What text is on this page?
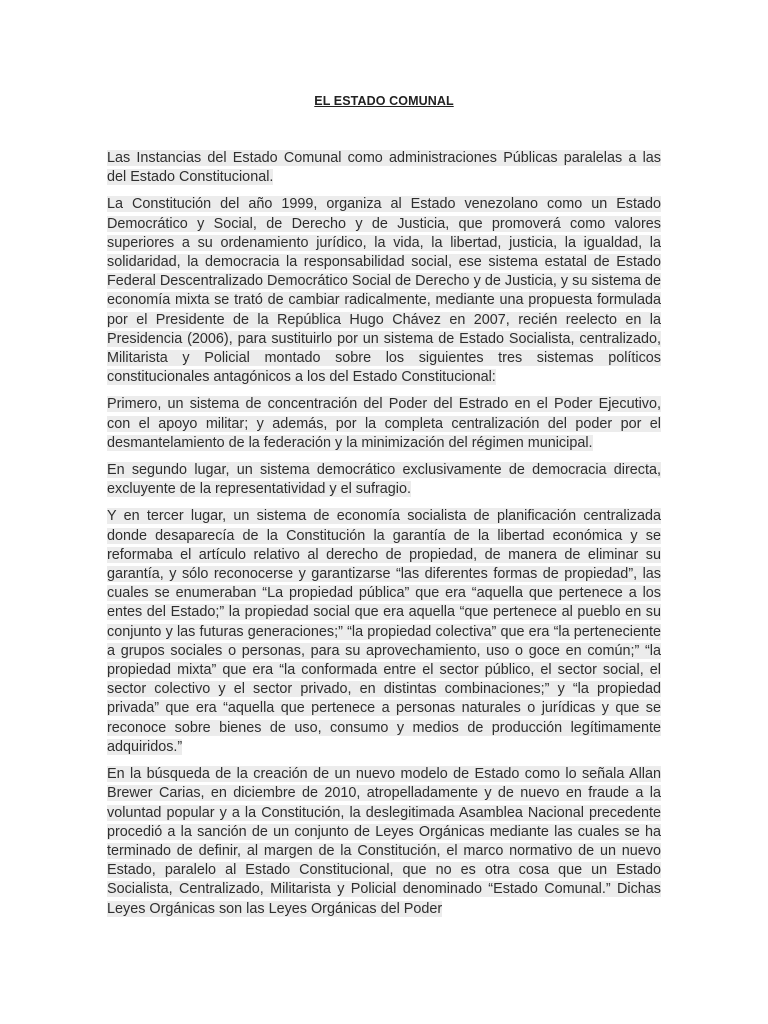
EL ESTADO COMUNAL

Las Instancias del Estado Comunal como administraciones Públicas paralelas a las del Estado Constitucional.

La Constitución del año 1999, organiza al Estado venezolano como un Estado Democrático y Social, de Derecho y de Justicia, que promoverá como valores superiores a su ordenamiento jurídico, la vida, la libertad, justicia, la igualdad, la solidaridad, la democracia la responsabilidad social, ese sistema estatal de Estado Federal Descentralizado Democrático Social de Derecho y de Justicia, y su sistema de economía mixta se trató de cambiar radicalmente, mediante una propuesta formulada por el Presidente de la República Hugo Chávez en 2007, recién reelecto en la Presidencia (2006), para sustituirlo por un sistema de Estado Socialista, centralizado, Militarista y Policial montado sobre los siguientes tres sistemas políticos constitucionales antagónicos a los del Estado Constitucional:

Primero, un sistema de concentración del Poder del Estrado en el Poder Ejecutivo, con el apoyo militar; y además, por la completa centralización del poder por el desmantelamiento de la federación y la minimización del régimen municipal.

En segundo lugar, un sistema democrático exclusivamente de democracia directa, excluyente de la representatividad y el sufragio.

Y en tercer lugar, un sistema de economía socialista de planificación centralizada donde desaparecía de la Constitución la garantía de la libertad económica y se reformaba el artículo relativo al derecho de propiedad, de manera de eliminar su garantía, y sólo reconocerse y garantizarse “las diferentes formas de propiedad”, las cuales se enumeraban “La propiedad pública” que era “aquella que pertenece a los entes del Estado;” la propiedad social que era aquella “que pertenece al pueblo en su conjunto y las futuras generaciones;” “la propiedad colectiva” que era “la perteneciente a grupos sociales o personas, para su aprovechamiento, uso o goce en común;” “la propiedad mixta” que era “la conformada entre el sector público, el sector social, el sector colectivo y el sector privado, en distintas combinaciones;” y “la propiedad privada” que era “aquella que pertenece a personas naturales o jurídicas y que se reconoce sobre bienes de uso, consumo y medios de producción legítimamente adquiridos.”

En la búsqueda de la creación de un nuevo modelo de Estado como lo señala Allan Brewer Carias, en diciembre de 2010, atropelladamente y de nuevo en fraude a la voluntad popular y a la Constitución, la deslegitimada Asamblea Nacional precedente procedió a la sanción de un conjunto de Leyes Orgánicas mediante las cuales se ha terminado de definir, al margen de la Constitución, el marco normativo de un nuevo Estado, paralelo al Estado Constitucional, que no es otra cosa que un Estado Socialista, Centralizado, Militarista y Policial denominado “Estado Comunal.” Dichas Leyes Orgánicas son las Leyes Orgánicas del Poder
